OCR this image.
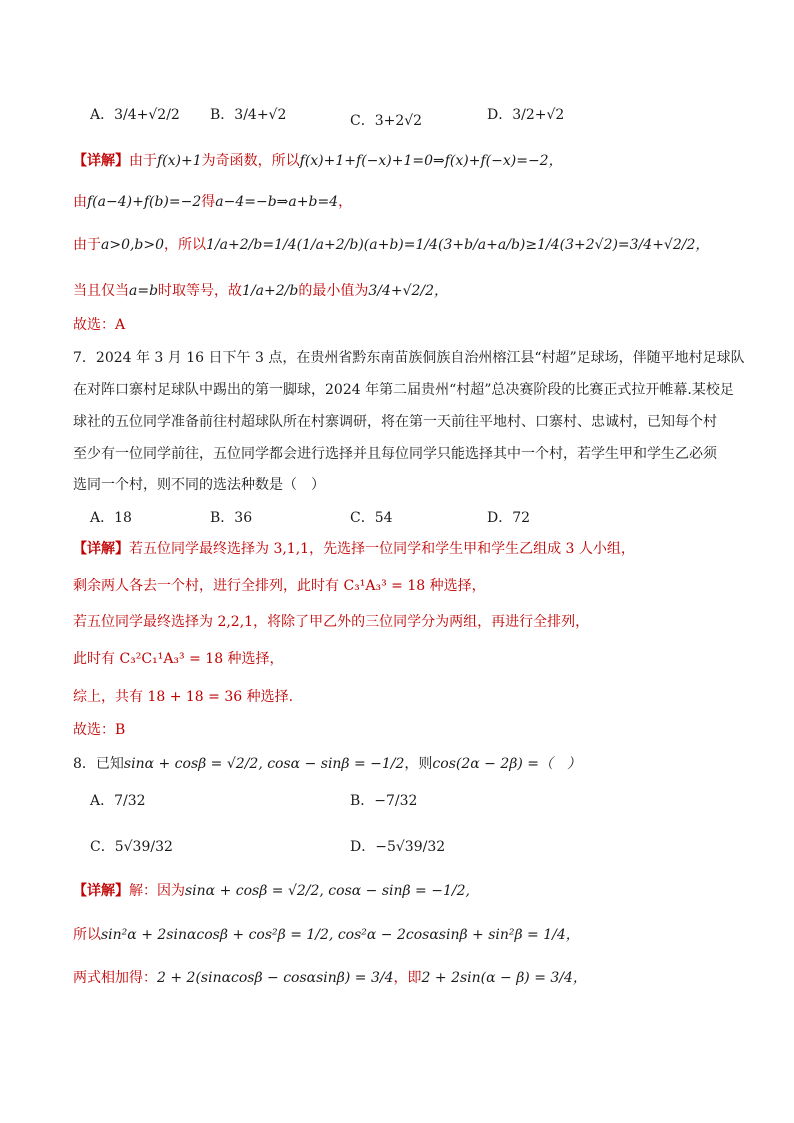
A．3/4+√2/2 B．3/4+√2	C．3+2√2	D．3/2+√2
【详解】由于f(x)+1为奇函数，所以f(x)+1+f(−x)+1=0⇒f(x)+f(−x)=−2，
由f(a−4)+f(b)=−2得a−4=−b⇒a+b=4，
由于a>0,b>0，所以1/a+2/b=1/4(1/a+2/b)(a+b)=1/4(3+b/a+a/b)≥1/4(3+2√2)=3/4+√2/2，
当且仅当a=b时取等号，故1/a+2/b的最小值为3/4+√2/2，
故选：A
7．2024 年 3 月 16 日下午 3 点，在贵州省黔东南苗族侗族自治州榕江县“村超”足球场，伴随平地村足球队
在对阵口寨村足球队中踢出的第一脚球，2024 年第二届贵州“村超”总决赛阶段的比赛正式拉开帷幕.某校足
球社的五位同学准备前往村超球队所在村寨调研，将在第一天前往平地村、口寨村、忠诚村，已知每个村
至少有一位同学前往，五位同学都会进行选择并且每位同学只能选择其中一个村，若学生甲和学生乙必须
选同一个村，则不同的选法种数是（　）
A．18	B．36	C．54	D．72
【详解】若五位同学最终选择为 3,1,1，先选择一位同学和学生甲和学生乙组成 3 人小组，
剩余两人各去一个村，进行全排列，此时有 C₃¹A₃³ = 18 种选择，
若五位同学最终选择为 2,2,1，将除了甲乙外的三位同学分为两组，再进行全排列，
此时有 C₃²C₁¹A₃³ = 18 种选择，
综上，共有 18 + 18 = 36 种选择.
故选：B
8．已知sinα + cosβ = √2/2, cosα − sinβ = −1/2，则cos(2α − 2β) =（　）
A．7/32	B．−7/32
C．5√39/32	D．−5√39/32
【详解】解：因为sinα + cosβ = √2/2, cosα − sinβ = −1/2,
所以sin²α + 2sinαcosβ + cos²β = 1/2, cos²α − 2cosαsinβ + sin²β = 1/4，
两式相加得：2 + 2(sinαcosβ − cosαsinβ) = 3/4，即2 + 2sin(α − β) = 3/4，
